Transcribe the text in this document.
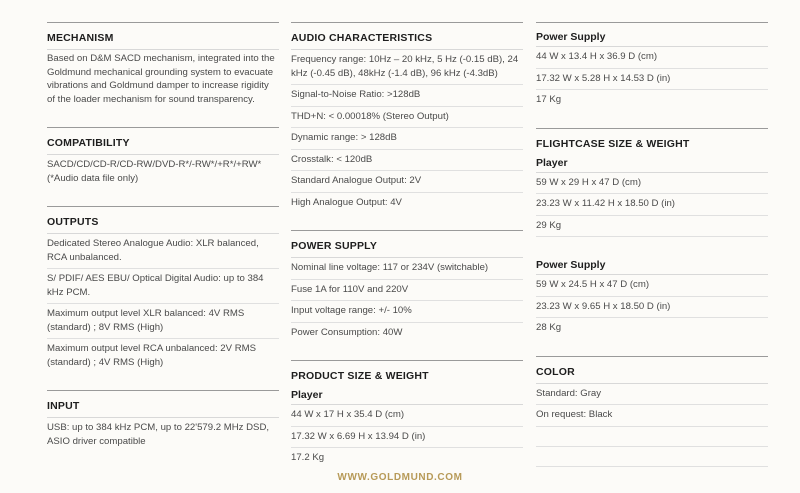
MECHANISM
Based on D&M SACD mechanism, integrated into the Goldmund mechanical grounding system to evacuate vibrations and Goldmund damper to increase rigidity of the loader mechanism for sound transparency.
COMPATIBILITY
SACD/CD/CD-R/CD-RW/DVD-R*/-RW*/+R*/+RW* (*Audio data file only)
OUTPUTS
Dedicated Stereo Analogue Audio: XLR balanced, RCA unbalanced.
S/ PDIF/ AES EBU/ Optical Digital Audio: up to 384 kHz PCM.
Maximum output level XLR balanced: 4V RMS (standard) ; 8V RMS (High)
Maximum output level RCA unbalanced: 2V RMS (standard) ; 4V RMS (High)
INPUT
USB: up to 384 kHz PCM, up to 22'579.2 MHz DSD, ASIO driver compatible
AUDIO CHARACTERISTICS
Frequency range: 10Hz – 20 kHz, 5 Hz (-0.15 dB), 24 kHz (-0.45 dB), 48kHz (-1.4 dB), 96 kHz (-4.3dB)
Signal-to-Noise Ratio: >128dB
THD+N: < 0.00018% (Stereo Output)
Dynamic range: > 128dB
Crosstalk: < 120dB
Standard Analogue Output: 2V
High Analogue Output: 4V
POWER SUPPLY
Nominal line voltage: 117 or 234V (switchable)
Fuse 1A for 110V and 220V
Input voltage range: +/- 10%
Power Consumption: 40W
PRODUCT SIZE & WEIGHT
Player
44 W x 17 H x 35.4 D (cm)
17.32 W x 6.69 H x 13.94 D (in)
17.2 Kg
Power Supply
44 W x 13.4 H x 36.9 D (cm)
17.32 W x 5.28 H x 14.53 D (in)
17 Kg
FLIGHTCASE SIZE & WEIGHT
Player
59 W x 29 H x 47 D (cm)
23.23 W x 11.42 H x 18.50 D (in)
29 Kg
Power Supply
59 W x 24.5 H x 47 D (cm)
23.23 W x 9.65 H x 18.50 D (in)
28 Kg
COLOR
Standard: Gray
On request: Black
WWW.GOLDMUND.COM
